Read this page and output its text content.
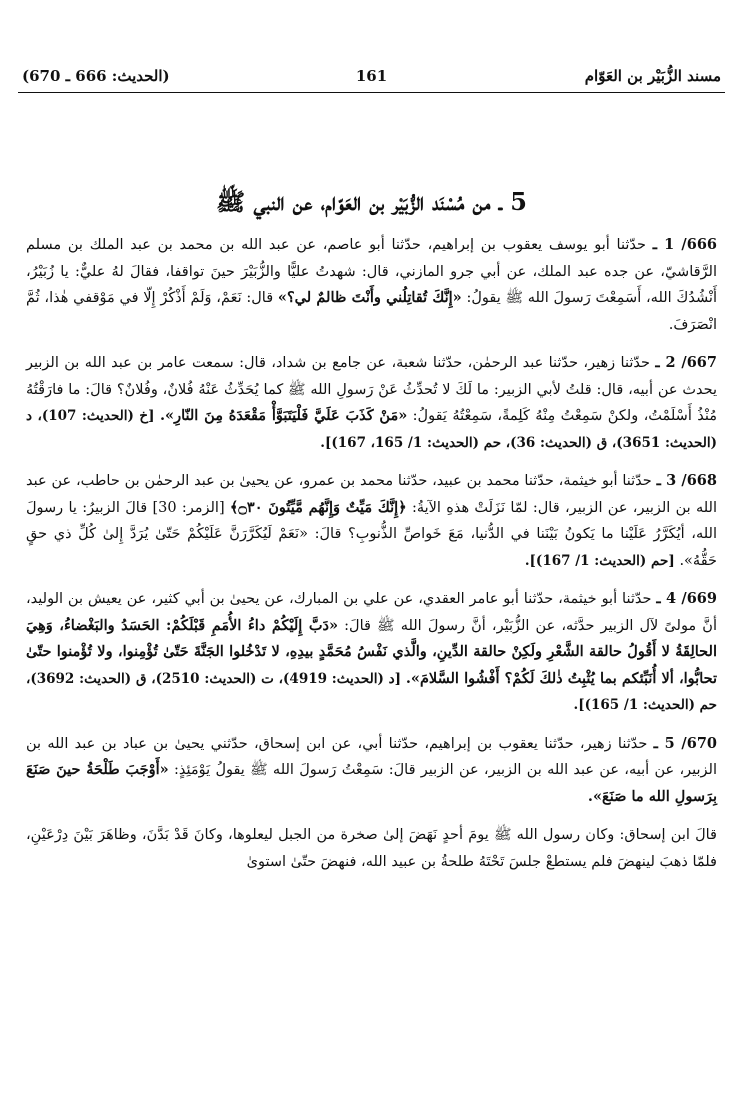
(الحديث: 666 ـ 670)	161	مسند الزُّبَيْر بن العَوّام
5 ـ من مُسْنَد الزُّبَيْر بن العَوّام، عن النبي ﷺ

666/ 1 ـ حدّثنا أبو يوسف يعقوب بن إبراهيم، حدّثنا أبو عاصم، عن عبد الله بن محمد بن عبد الملك بن مسلم الرَّقاشيّ، عن جده عبد الملك، عن أبي جرو المازني، قال: شهدتُ عليًّا والزُّبَيْرَ حينَ تواقفا، فقالَ لهُ عليٌّ: يا زُبَيْرُ، أَنْشُدُكَ الله، أَسَمِعْتَ رَسولَ الله ﷺ يقولُ: «إِنَّكَ تُقاتِلُني وأَنْتَ ظالمٌ لي؟» قال: نَعَمْ، وَلَمْ أَذْكُرْ إِلّا في مَوْقفي هٰذا، ثُمَّ انْصَرَفَ.

667/ 2 ـ حدّثنا زهير، حدّثنا عبد الرحمٰن، حدّثنا شعبة، عن جامع بن شداد، قال: سمعت عامر بن عبد الله بن الزبير يحدث عن أبيه، قال: قلتُ لأبي الزبير: ما لَكَ لا تُحدِّثُ عَنْ رَسولِ الله ﷺ كما يُحَدِّثُ عَنْهُ فُلانٌ، وفُلانٌ؟ قالَ: ما فارَقْتُهُ مُنْذُ أَسْلَمْتُ، ولكنْ سَمِعْتُ مِنْهُ كَلِمةً، سَمِعْتُهُ يَقولُ: «مَنْ كَذَبَ عَلَيَّ فَلْيَتَبَوَّأْ مَقْعَدَهُ مِنَ النّارِ». [خ (الحديث: 107)، د (الحديث: 3651)، ق (الحديث: 36)، حم (الحديث: 1/ 165، 167)].

668/ 3 ـ حدّثنا أبو خيثمة، حدّثنا محمد بن عبيد، حدّثنا محمد بن عمرو، عن يحيىٰ بن عبد الرحمٰن بن حاطب، عن عبد الله بن الزبير، عن الزبير، قال: لمّا نَزَلَتْ هذهِ الآيةُ: ﴿إِنَّكَ مَيِّتٌ وَإِنَّهُم مَّيِّتُونَ ۝٣٠﴾ [الزمر: 30] قالَ الزبيرُ: يا رسولَ الله، أيُكَرَّرُ عَلَيْنا ما يَكونُ بَيْنَنا في الدُّنيا، مَعَ خَواصِّ الذُّنوبِ؟ قالَ: «نَعَمْ لَيُكَرَّرَنَّ عَلَيْكُمْ حَتّىٰ يُرَدَّ إِلىٰ كُلِّ ذي حقٍ حَقُّهُ». [حم (الحديث: 1/ 167)].

669/ 4 ـ حدّثنا أبو خيثمة، حدّثنا أبو عامر العقدي، عن علي بن المبارك، عن يحيىٰ بن أبي كثير، عن يعيش بن الوليد، أنَّ مولىً لآل الزبير حدَّثه، عن الزُّبَيْر، أنَّ رسولَ الله ﷺ قالَ: «دَبَّ إِلَيْكُمْ داءُ الأُمَمِ قَبْلَكُمْ: الحَسَدُ والبَغْضاءُ، وَهِيَ الحالِقَةُ لا أَقُولُ حالقة الشَّعْرِ ولَكِنْ حالقة الدِّينِ، والَّذي نَفْسُ مُحَمَّدٍ بيدِهِ، لا تَدْخُلوا الجَنَّةَ حَتّىٰ تُؤْمِنوا، ولا تُؤْمنوا حتّىٰ تحابُّوا، ألا أُنَبِّئكم بما يُثْبِتُ ذٰلكَ لَكُمْ؟ أَفْشُوا السَّلامَ». [د (الحديث: 4919)، ت (الحديث: 2510)، ق (الحديث: 3692)، حم (الحديث: 1/ 165)].

670/ 5 ـ حدّثنا زهير، حدّثنا يعقوب بن إبراهيم، حدّثنا أبي، عن ابن إسحاق، حدّثني يحيىٰ بن عباد بن عبد الله بن الزبير، عن أبيه، عن عبد الله بن الزبير، عن الزبير قالَ: سَمِعْتُ رَسولَ الله ﷺ يقولُ يَوْمَئِذٍ: «أَوْجَبَ طَلْحَةُ حينَ صَنَعَ بِرَسولِ الله ما صَنَعَ».

قالَ ابن إسحاق: وكان رسول الله ﷺ يومَ أحدٍ نَهَضَ إلىٰ صخرة من الجبل ليعلوها، وكانَ قَدْ بَدَّنَ، وظاهَرَ بَيْنَ دِرْعَيْنِ، فلمّا ذهبَ لينهضَ فلم يستطعْ جلسَ تَحْتَهُ طلحةُ بن عبيد الله، فنهضَ حتّىٰ استوىٰ
